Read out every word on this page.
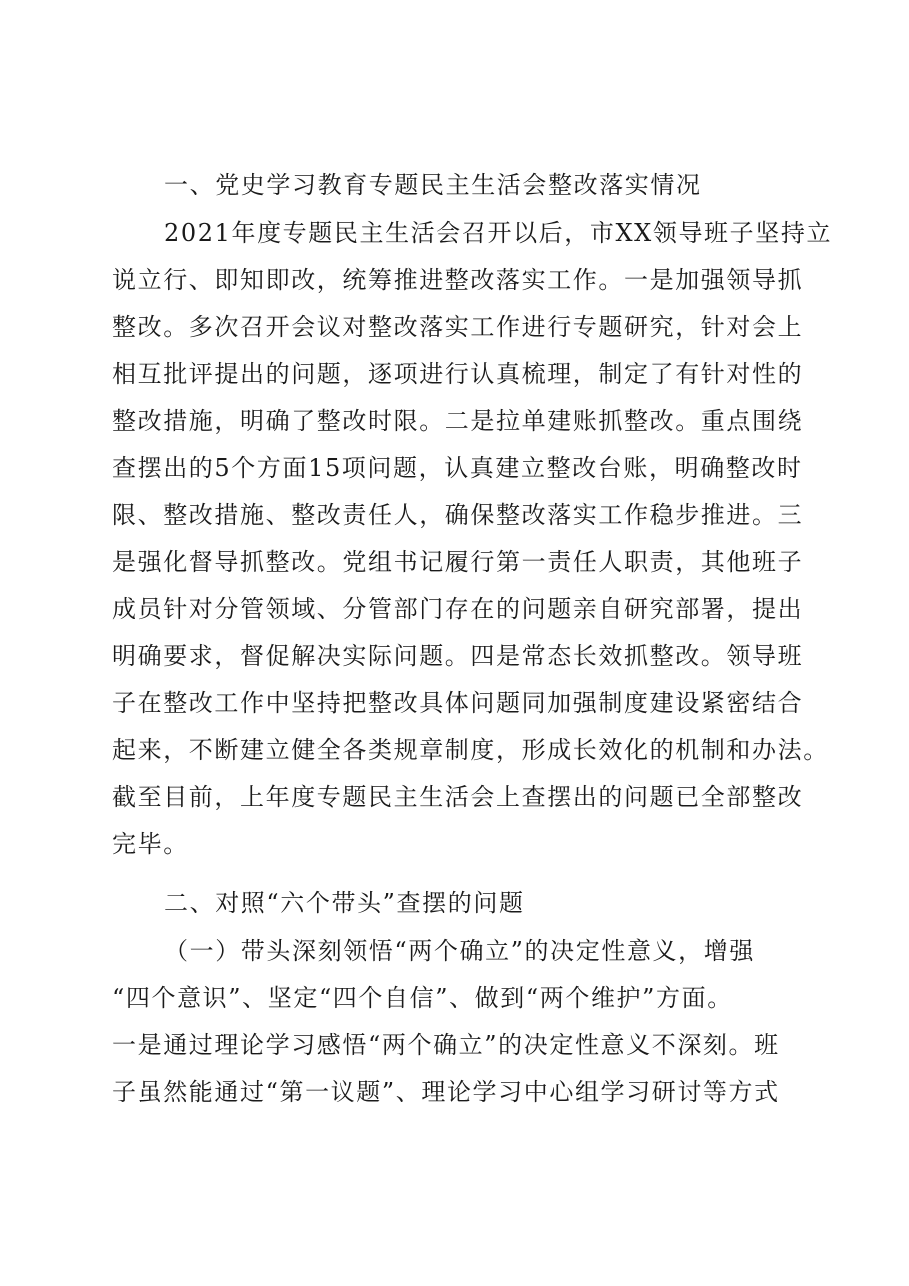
一、党史学习教育专题民主生活会整改落实情况
2021年度专题民主生活会召开以后，市XX领导班子坚持立
说立行、即知即改，统筹推进整改落实工作。一是加强领导抓
整改。多次召开会议对整改落实工作进行专题研究，针对会上
相互批评提出的问题，逐项进行认真梳理，制定了有针对性的
整改措施，明确了整改时限。二是拉单建账抓整改。重点围绕
查摆出的5个方面15项问题，认真建立整改台账，明确整改时
限、整改措施、整改责任人，确保整改落实工作稳步推进。三
是强化督导抓整改。党组书记履行第一责任人职责，其他班子
成员针对分管领域、分管部门存在的问题亲自研究部署，提出
明确要求，督促解决实际问题。四是常态长效抓整改。领导班
子在整改工作中坚持把整改具体问题同加强制度建设紧密结合
起来，不断建立健全各类规章制度，形成长效化的机制和办法。
截至目前，上年度专题民主生活会上查摆出的问题已全部整改
完毕。
二、对照“六个带头”查摆的问题
（一）带头深刻领悟“两个确立”的决定性意义，增强
“四个意识”、坚定“四个自信”、做到“两个维护”方面。
一是通过理论学习感悟“两个确立”的决定性意义不深刻。班
子虽然能通过“第一议题”、理论学习中心组学习研讨等方式
